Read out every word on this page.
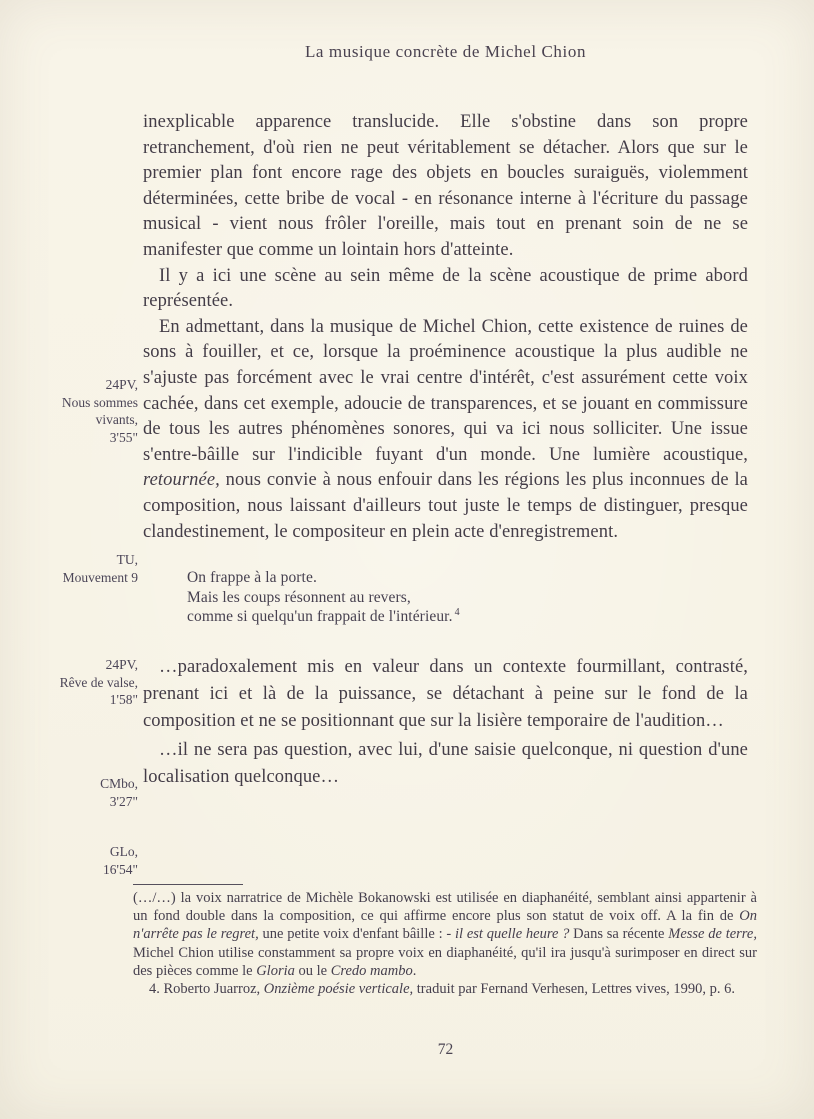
La musique concrète de Michel Chion
24PV,
Nous sommes
vivants,
3'55"
TU,
Mouvement 9
24PV,
Rêve de valse,
1'58"
CMbo,
3'27"
GLo,
16'54"

inexplicable apparence translucide. Elle s'obstine dans son propre retranchement, d'où rien ne peut véritablement se détacher. Alors que sur le premier plan font encore rage des objets en boucles suraiguës, violemment déterminées, cette bribe de vocal - en résonance interne à l'écriture du passage musical - vient nous frôler l'oreille, mais tout en prenant soin de ne se manifester que comme un lointain hors d'atteinte.

Il y a ici une scène au sein même de la scène acoustique de prime abord représentée.

En admettant, dans la musique de Michel Chion, cette existence de ruines de sons à fouiller, et ce, lorsque la proéminence acoustique la plus audible ne s'ajuste pas forcément avec le vrai centre d'intérêt, c'est assurément cette voix cachée, dans cet exemple, adoucie de transparences, et se jouant en commissure de tous les autres phénomènes sonores, qui va ici nous solliciter. Une issue s'entre-bâille sur l'indicible fuyant d'un monde. Une lumière acoustique, retournée, nous convie à nous enfouir dans les régions les plus inconnues de la composition, nous laissant d'ailleurs tout juste le temps de distinguer, presque clandestinement, le compositeur en plein acte d'enregistrement.

On frappe à la porte.
Mais les coups résonnent au revers,
comme si quelqu'un frappait de l'intérieur. $^4$

…paradoxalement mis en valeur dans un contexte fourmillant, contrasté, prenant ici et là de la puissance, se détachant à peine sur le fond de la composition et ne se positionnant que sur la lisière temporaire de l'audition…

…il ne sera pas question, avec lui, d'une saisie quelconque, ni question d'une localisation quelconque…

(…/…) la voix narratrice de Michèle Bokanowski est utilisée en diaphanéité, semblant ainsi appartenir à un fond double dans la composition, ce qui affirme encore plus son statut de voix off. A la fin de On n'arrête pas le regret, une petite voix d'enfant bâille : - il est quelle heure ? Dans sa récente Messe de terre, Michel Chion utilise constamment sa propre voix en diaphanéité, qu'il ira jusqu'à surimposer en direct sur des pièces comme le Gloria ou le Credo mambo.

4. Roberto Juarroz, Onzième poésie verticale, traduit par Fernand Verhesen, Lettres vives, 1990, p. 6.

72
